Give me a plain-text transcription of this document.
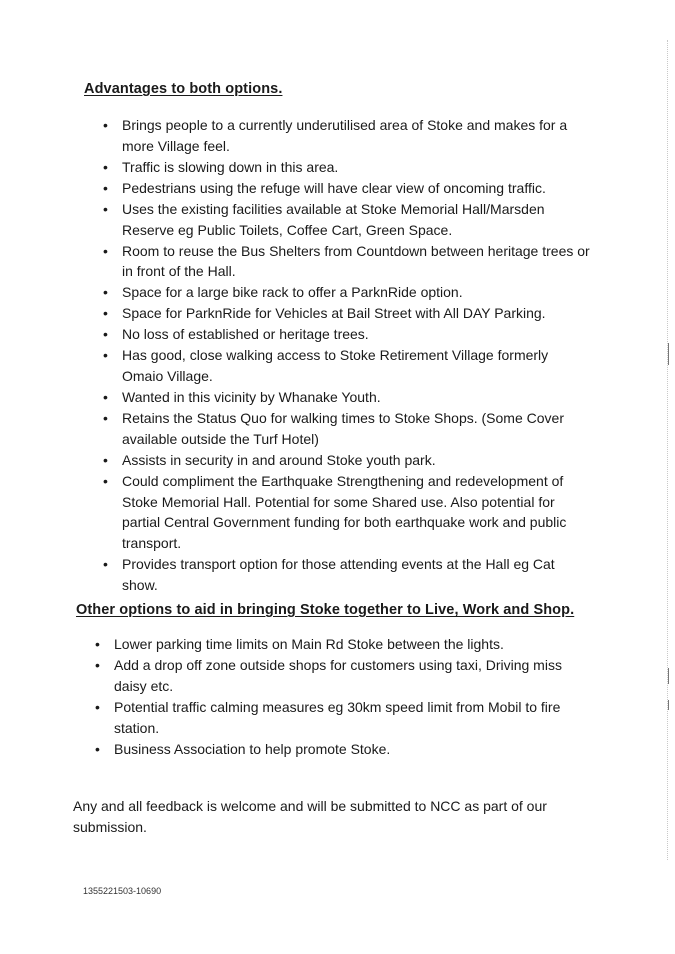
Advantages to both options.
• Brings people to a currently underutilised area of Stoke and makes for a more Village feel.
• Traffic is slowing down in this area.
• Pedestrians using the refuge will have clear view of oncoming traffic.
• Uses the existing facilities available at Stoke Memorial Hall/Marsden Reserve eg Public Toilets, Coffee Cart, Green Space.
• Room to reuse the Bus Shelters from Countdown between heritage trees or in front of the Hall.
• Space for a large bike rack to offer a ParknRide option.
• Space for ParknRide for Vehicles at Bail Street with All DAY Parking.
• No loss of established or heritage trees.
• Has good, close walking access to Stoke Retirement Village formerly Omaio Village.
• Wanted in this vicinity by Whanake Youth.
• Retains the Status Quo for walking times to Stoke Shops. (Some Cover available outside the Turf Hotel)
• Assists in security in and around Stoke youth park.
• Could compliment the Earthquake Strengthening and redevelopment of Stoke Memorial Hall. Potential for some Shared use. Also potential for partial Central Government funding for both earthquake work and public transport.
• Provides transport option for those attending events at the Hall eg Cat show.
Other options to aid in bringing Stoke together to Live, Work and Shop.
• Lower parking time limits on Main Rd Stoke between the lights.
• Add a drop off zone outside shops for customers using taxi, Driving miss daisy etc.
• Potential traffic calming measures eg 30km speed limit from Mobil to fire station.
• Business Association to help promote Stoke.

Any and all feedback is welcome and will be submitted to NCC as part of our submission.

1355221503-10690
